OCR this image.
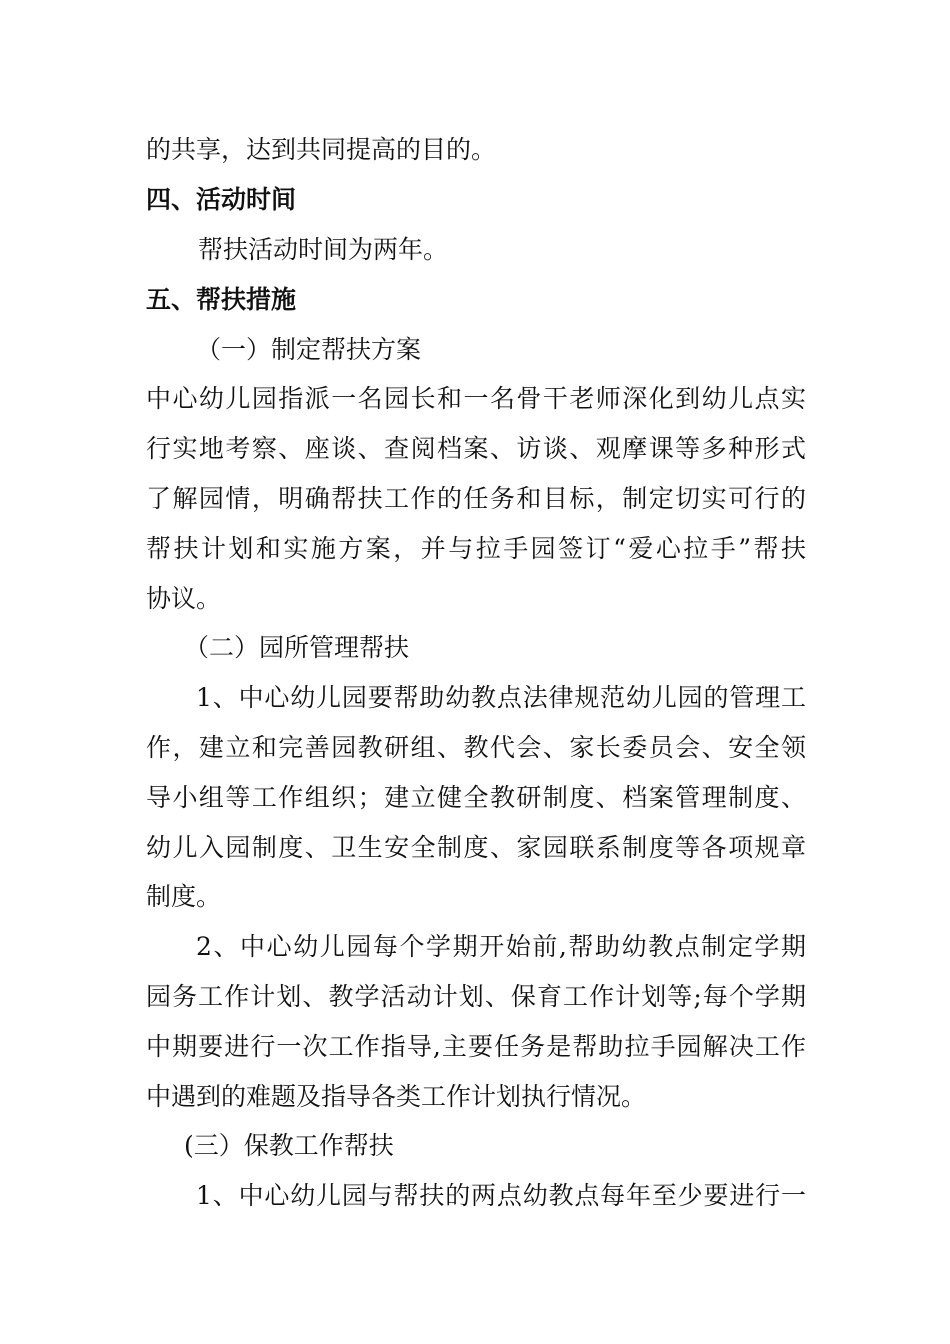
的共享，达到共同提高的目的。
四、活动时间
帮扶活动时间为两年。
五、帮扶措施
（一）制定帮扶方案
中心幼儿园指派一名园长和一名骨干老师深化到幼儿点实
行实地考察、座谈、查阅档案、访谈、观摩课等多种形式
了解园情，明确帮扶工作的任务和目标，制定切实可行的
帮扶计划和实施方案，并与拉手园签订“爱心拉手”帮扶
协议。
（二）园所管理帮扶
1、中心幼儿园要帮助幼教点法律规范幼儿园的管理工
作，建立和完善园教研组、教代会、家长委员会、安全领
导小组等工作组织；建立健全教研制度、档案管理制度、
幼儿入园制度、卫生安全制度、家园联系制度等各项规章
制度。
2、中心幼儿园每个学期开始前,帮助幼教点制定学期
园务工作计划、教学活动计划、保育工作计划等;每个学期
中期要进行一次工作指导,主要任务是帮助拉手园解决工作
中遇到的难题及指导各类工作计划执行情况。
(三）保教工作帮扶
1、中心幼儿园与帮扶的两点幼教点每年至少要进行一
